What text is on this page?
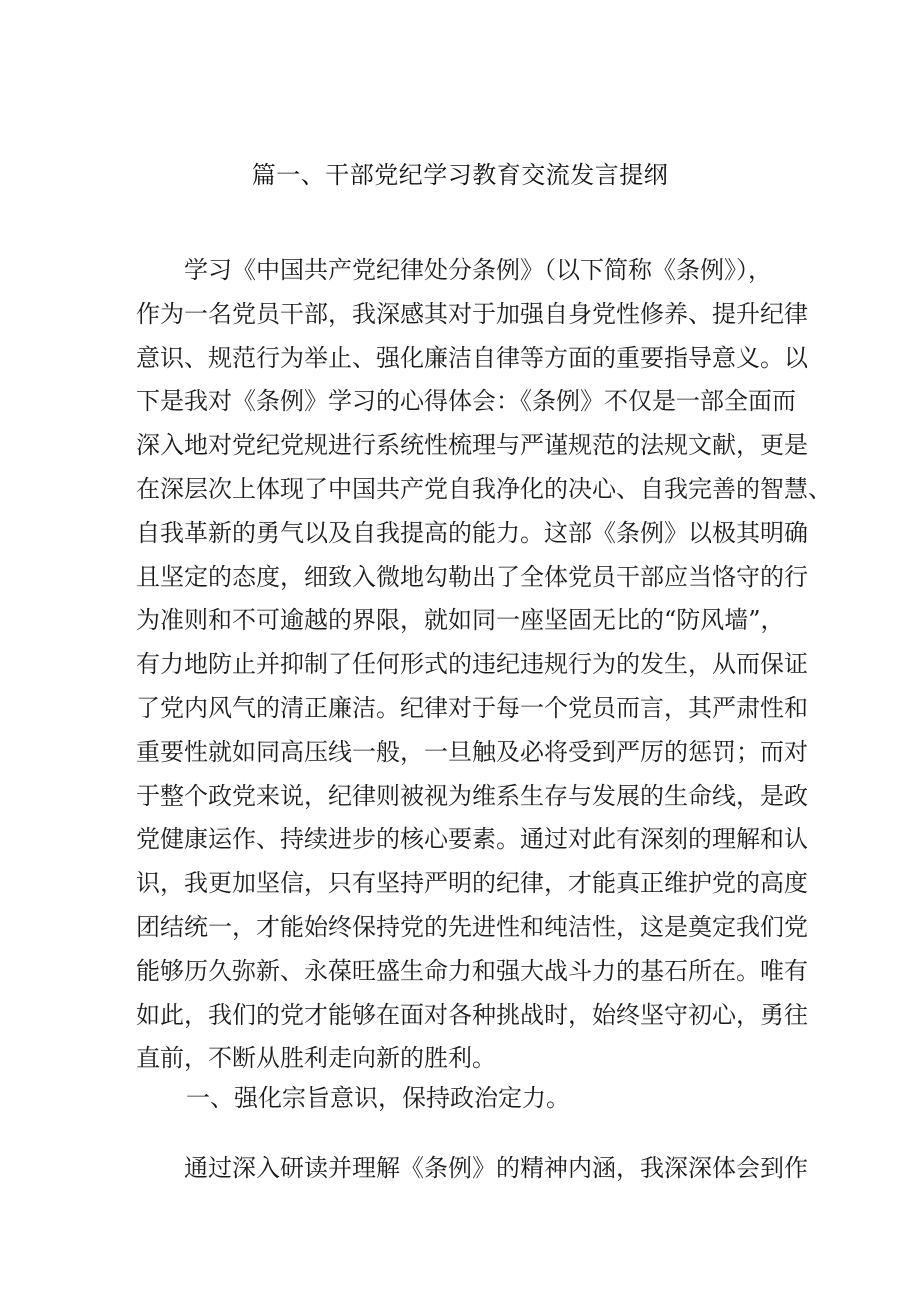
篇一、干部党纪学习教育交流发言提纲
学习《中国共产党纪律处分条例》（以下简称《条例》），
作为一名党员干部，我深感其对于加强自身党性修养、提升纪律
意识、规范行为举止、强化廉洁自律等方面的重要指导意义。以
下是我对《条例》学习的心得体会：《条例》不仅是一部全面而
深入地对党纪党规进行系统性梳理与严谨规范的法规文献，更是
在深层次上体现了中国共产党自我净化的决心、自我完善的智慧、
自我革新的勇气以及自我提高的能力。这部《条例》以极其明确
且坚定的态度，细致入微地勾勒出了全体党员干部应当恪守的行
为准则和不可逾越的界限，就如同一座坚固无比的“防风墙”，
有力地防止并抑制了任何形式的违纪违规行为的发生，从而保证
了党内风气的清正廉洁。纪律对于每一个党员而言，其严肃性和
重要性就如同高压线一般，一旦触及必将受到严厉的惩罚；而对
于整个政党来说，纪律则被视为维系生存与发展的生命线，是政
党健康运作、持续进步的核心要素。通过对此有深刻的理解和认
识，我更加坚信，只有坚持严明的纪律，才能真正维护党的高度
团结统一，才能始终保持党的先进性和纯洁性，这是奠定我们党
能够历久弥新、永葆旺盛生命力和强大战斗力的基石所在。唯有
如此，我们的党才能够在面对各种挑战时，始终坚守初心，勇往
直前，不断从胜利走向新的胜利。
一、强化宗旨意识，保持政治定力。
通过深入研读并理解《条例》的精神内涵，我深深体会到作
